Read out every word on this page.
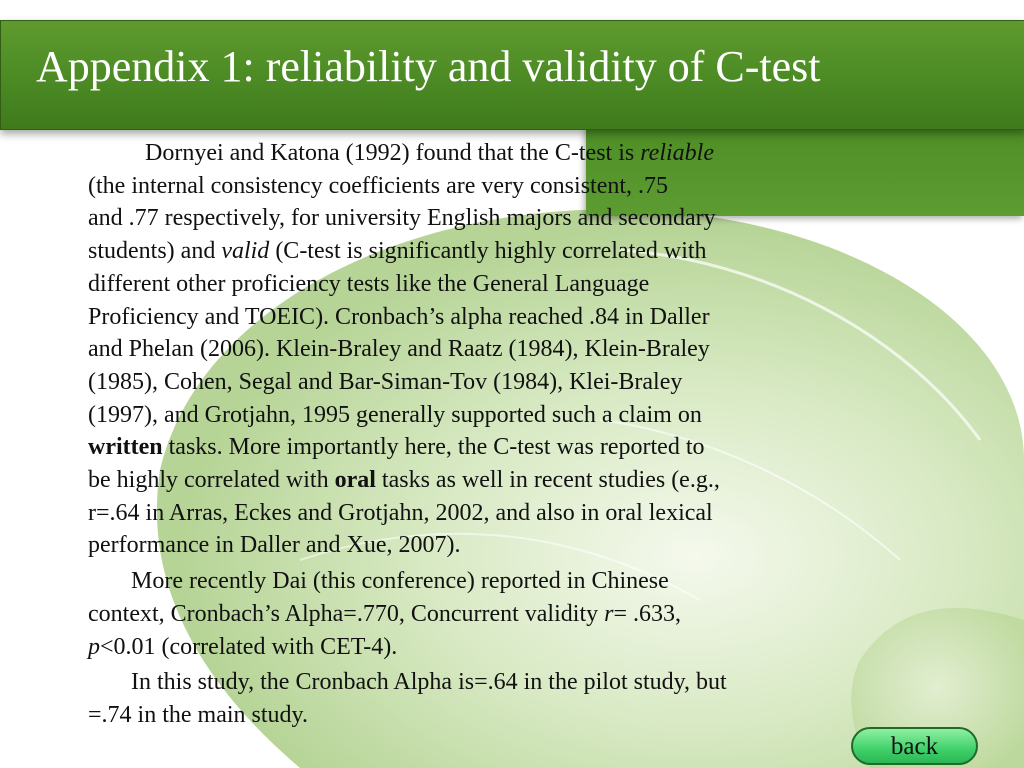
Appendix 1: reliability and validity of C-test

Dornyei and Katona (1992) found that the C-test is reliable
(the internal consistency coefficients are very consistent, .75
and .77 respectively, for university English majors and secondary
students) and valid (C-test is significantly highly correlated with
different other proficiency tests like the General Language
Proficiency and TOEIC). Cronbach’s alpha reached .84 in Daller
and Phelan (2006). Klein-Braley and Raatz (1984), Klein-Braley
(1985), Cohen, Segal and Bar-Siman-Tov (1984), Klei-Braley
(1997), and Grotjahn, 1995 generally supported such a claim on
written tasks. More importantly here, the C-test was reported to
be highly correlated with oral tasks as well in recent studies (e.g.,
r=.64 in Arras, Eckes and Grotjahn, 2002, and also in oral lexical
performance in Daller and Xue, 2007).

More recently Dai (this conference) reported in Chinese
context, Cronbach’s Alpha=.770, Concurrent validity r= .633,
p<0.01 (correlated with CET-4).

In this study, the Cronbach Alpha is=.64 in the pilot study, but
=.74 in the main study.

back
